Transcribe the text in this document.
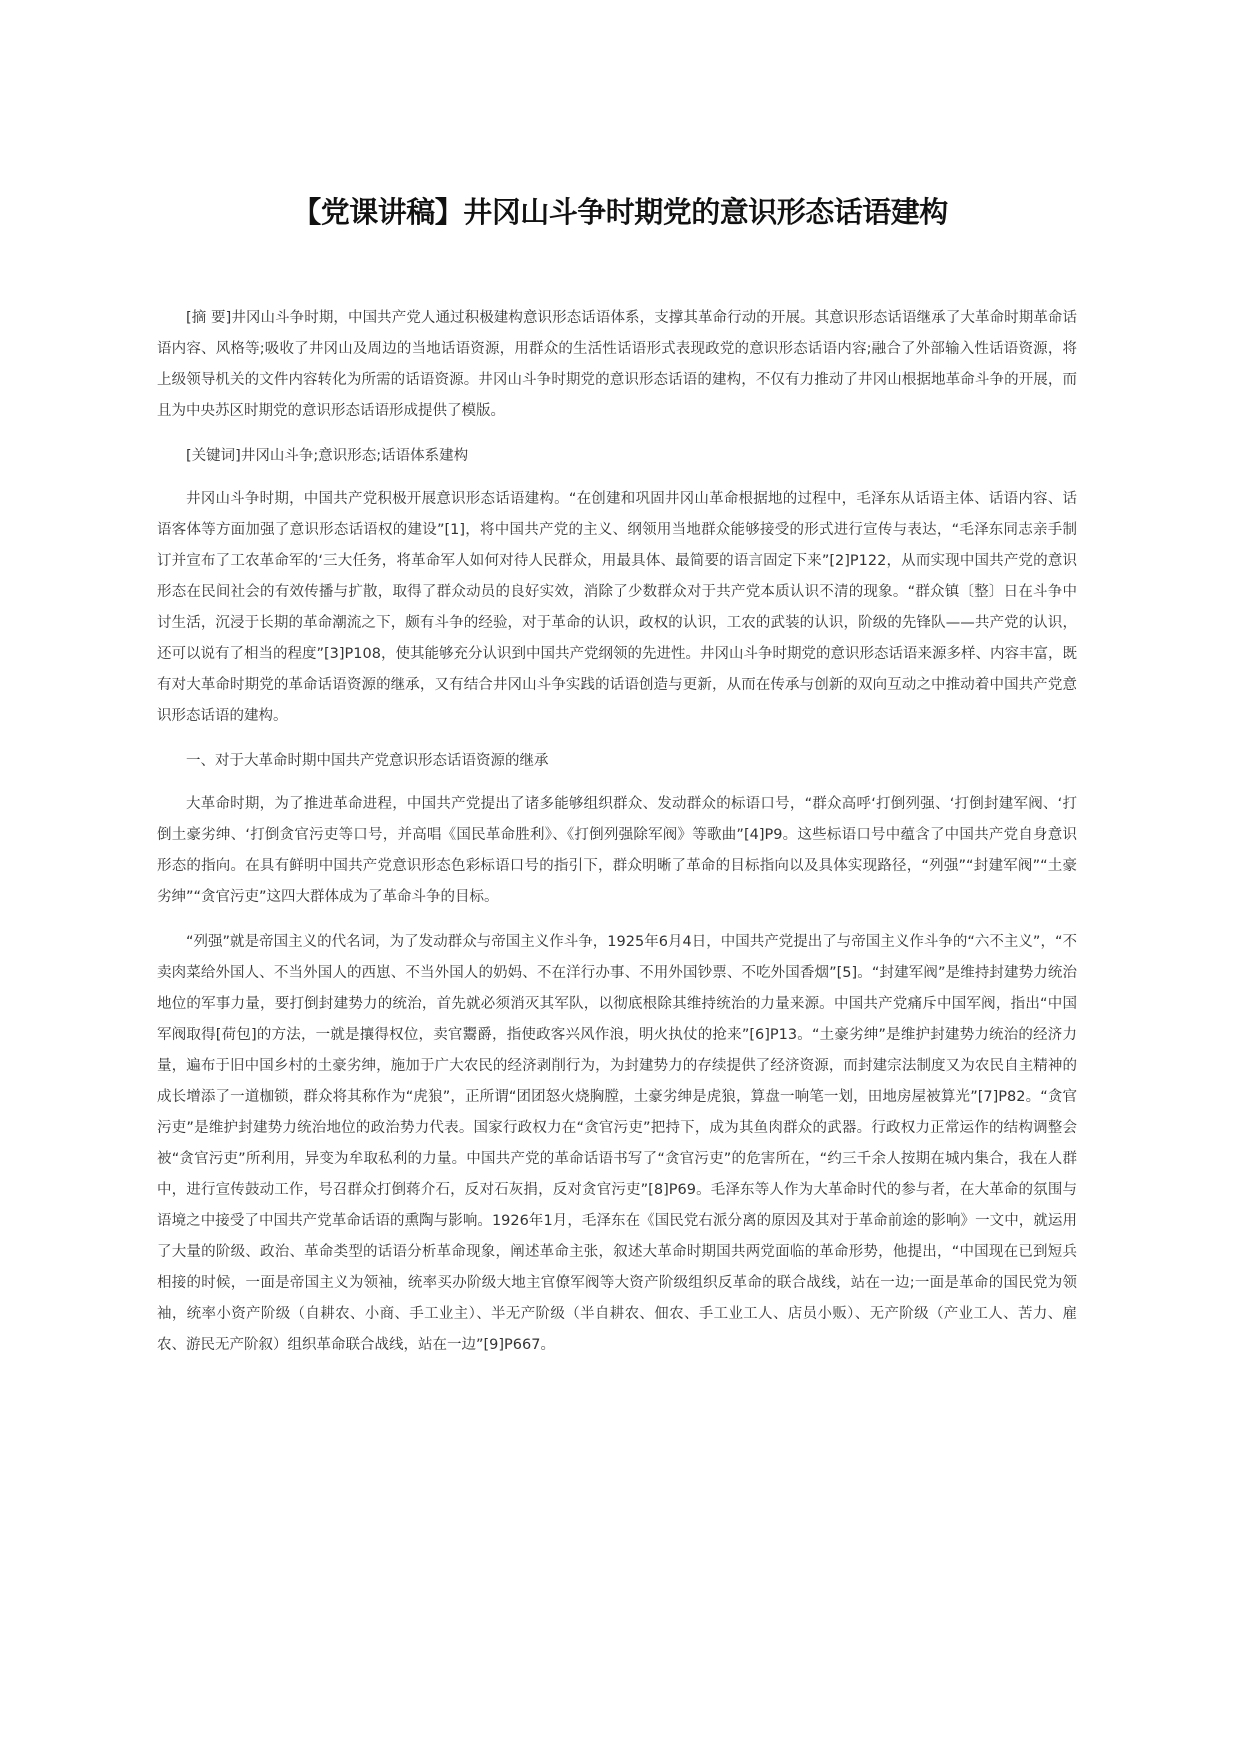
【党课讲稿】井冈山斗争时期党的意识形态话语建构

[摘 要]井冈山斗争时期，中国共产党人通过积极建构意识形态话语体系，支撑其革命行动的开展。其意识形态话语继承了大革命时期革命话语内容、风格等;吸收了井冈山及周边的当地话语资源，用群众的生活性话语形式表现政党的意识形态话语内容;融合了外部输入性话语资源，将上级领导机关的文件内容转化为所需的话语资源。井冈山斗争时期党的意识形态话语的建构，不仅有力推动了井冈山根据地革命斗争的开展，而且为中央苏区时期党的意识形态话语形成提供了模版。

[关键词]井冈山斗争;意识形态;话语体系建构

井冈山斗争时期，中国共产党积极开展意识形态话语建构。“在创建和巩固井冈山革命根据地的过程中，毛泽东从话语主体、话语内容、话语客体等方面加强了意识形态话语权的建设”[1]，将中国共产党的主义、纲领用当地群众能够接受的形式进行宣传与表达，“毛泽东同志亲手制订并宣布了工农革命军的‘三大任务，将革命军人如何对待人民群众，用最具体、最简要的语言固定下来”[2]P122，从而实现中国共产党的意识形态在民间社会的有效传播与扩散，取得了群众动员的良好实效，消除了少数群众对于共产党本质认识不清的现象。“群众镇〔整〕日在斗争中讨生活，沉浸于长期的革命潮流之下，颇有斗争的经验，对于革命的认识，政权的认识，工农的武装的认识，阶级的先锋队——共产党的认识，还可以说有了相当的程度”[3]P108，使其能够充分认识到中国共产党纲领的先进性。井冈山斗争时期党的意识形态话语来源多样、内容丰富，既有对大革命时期党的革命话语资源的继承，又有结合井冈山斗争实践的话语创造与更新，从而在传承与创新的双向互动之中推动着中国共产党意识形态话语的建构。

一、对于大革命时期中国共产党意识形态话语资源的继承

大革命时期，为了推进革命进程，中国共产党提出了诸多能够组织群众、发动群众的标语口号，“群众高呼‘打倒列强、‘打倒封建军阀、‘打倒土豪劣绅、‘打倒贪官污吏等口号，并高唱《国民革命胜利》、《打倒列强除军阀》等歌曲”[4]P9。这些标语口号中蕴含了中国共产党自身意识形态的指向。在具有鲜明中国共产党意识形态色彩标语口号的指引下，群众明晰了革命的目标指向以及具体实现路径，“列强”“封建军阀”“土豪劣绅”“贪官污吏”这四大群体成为了革命斗争的目标。

“列强”就是帝国主义的代名词，为了发动群众与帝国主义作斗争，1925年6月4日，中国共产党提出了与帝国主义作斗争的“六不主义”，“不卖肉菜给外国人、不当外国人的西崽、不当外国人的奶妈、不在洋行办事、不用外国钞票、不吃外国香烟”[5]。“封建军阀”是维持封建势力统治地位的军事力量，要打倒封建势力的统治，首先就必须消灭其军队，以彻底根除其维持统治的力量来源。中国共产党痛斥中国军阀，指出“中国军阀取得[荷包]的方法，一就是攘得权位，卖官鬻爵，指使政客兴风作浪，明火执仗的抢来”[6]P13。“土豪劣绅”是维护封建势力统治的经济力量，遍布于旧中国乡村的土豪劣绅，施加于广大农民的经济剥削行为，为封建势力的存续提供了经济资源，而封建宗法制度又为农民自主精神的成长增添了一道枷锁，群众将其称作为“虎狼”，正所谓“团团怒火烧胸膛，土豪劣绅是虎狼，算盘一响笔一划，田地房屋被算光”[7]P82。“贪官污吏”是维护封建势力统治地位的政治势力代表。国家行政权力在“贪官污吏”把持下，成为其鱼肉群众的武器。行政权力正常运作的结构调整会被“贪官污吏”所利用，异变为牟取私利的力量。中国共产党的革命话语书写了“贪官污吏”的危害所在，“约三千余人按期在城内集合，我在人群中，进行宣传鼓动工作，号召群众打倒蒋介石，反对石灰捐，反对贪官污吏”[8]P69。毛泽东等人作为大革命时代的参与者，在大革命的氛围与语境之中接受了中国共产党革命话语的熏陶与影响。1926年1月，毛泽东在《国民党右派分离的原因及其对于革命前途的影响》一文中，就运用了大量的阶级、政治、革命类型的话语分析革命现象，阐述革命主张，叙述大革命时期国共两党面临的革命形势，他提出，“中国现在已到短兵相接的时候，一面是帝国主义为领袖，统率买办阶级大地主官僚军阀等大资产阶级组织反革命的联合战线，站在一边;一面是革命的国民党为领袖，统率小资产阶级（自耕农、小商、手工业主）、半无产阶级（半自耕农、佃农、手工业工人、店员小贩）、无产阶级（产业工人、苦力、雇农、游民无产阶叙）组织革命联合战线，站在一边”[9]P667。
